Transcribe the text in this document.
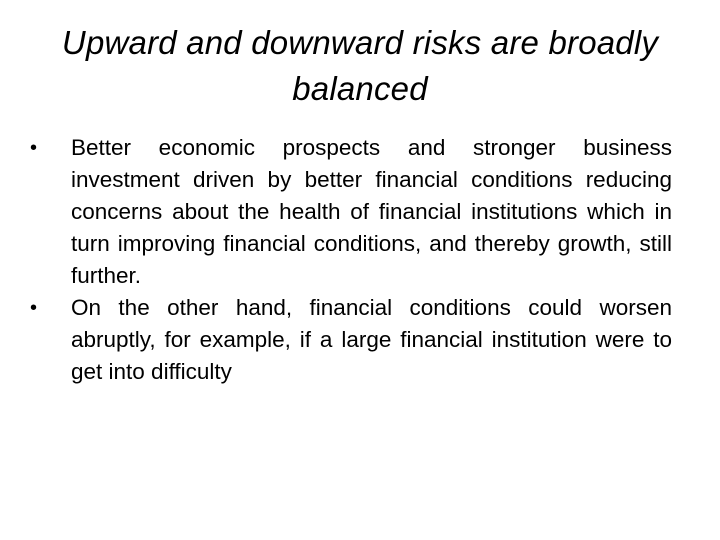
Upward and downward risks are broadly balanced
•	Better economic prospects and stronger business investment driven by better financial conditions reducing concerns about the health of financial institutions which in turn improving financial conditions, and thereby growth, still further.
•	On the other hand, financial conditions could worsen abruptly, for example, if a large financial institution were to get into difficulty
